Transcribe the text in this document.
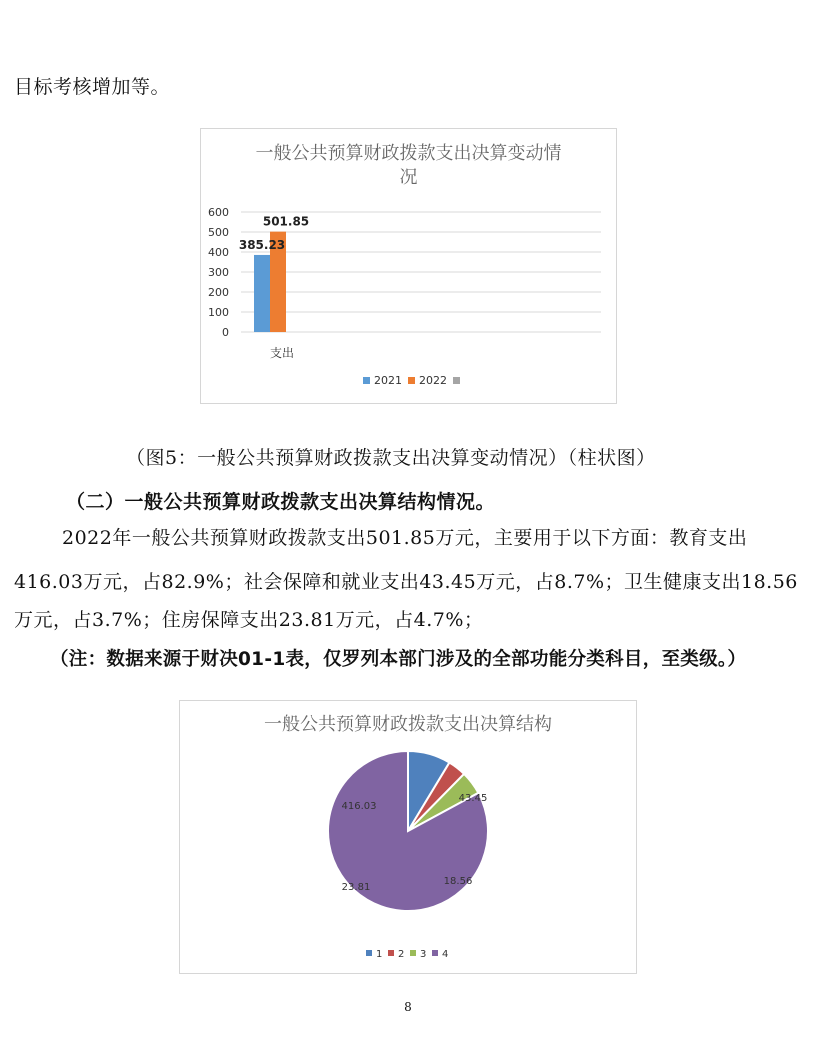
目标考核增加等。
一般公共预算财政拨款支出决算变动情
况
0
100
200
300
400
500
600
385.23
501.85
支出
2021 2022
（图5：一般公共预算财政拨款支出决算变动情况）（柱状图）
（二）一般公共预算财政拨款支出决算结构情况。
2022年一般公共预算财政拨款支出501.85万元，主要用于以下方面：教育支出
416.03万元，占82.9%；社会保障和就业支出43.45万元，占8.7%；卫生健康支出18.56
万元，占3.7%；住房保障支出23.81万元，占4.7%；
（注：数据来源于财决01-1表，仅罗列本部门涉及的全部功能分类科目，至类级。）
一般公共预算财政拨款支出决算结构
43.45
18.56
23.81
416.03
1 2 3 4
8
